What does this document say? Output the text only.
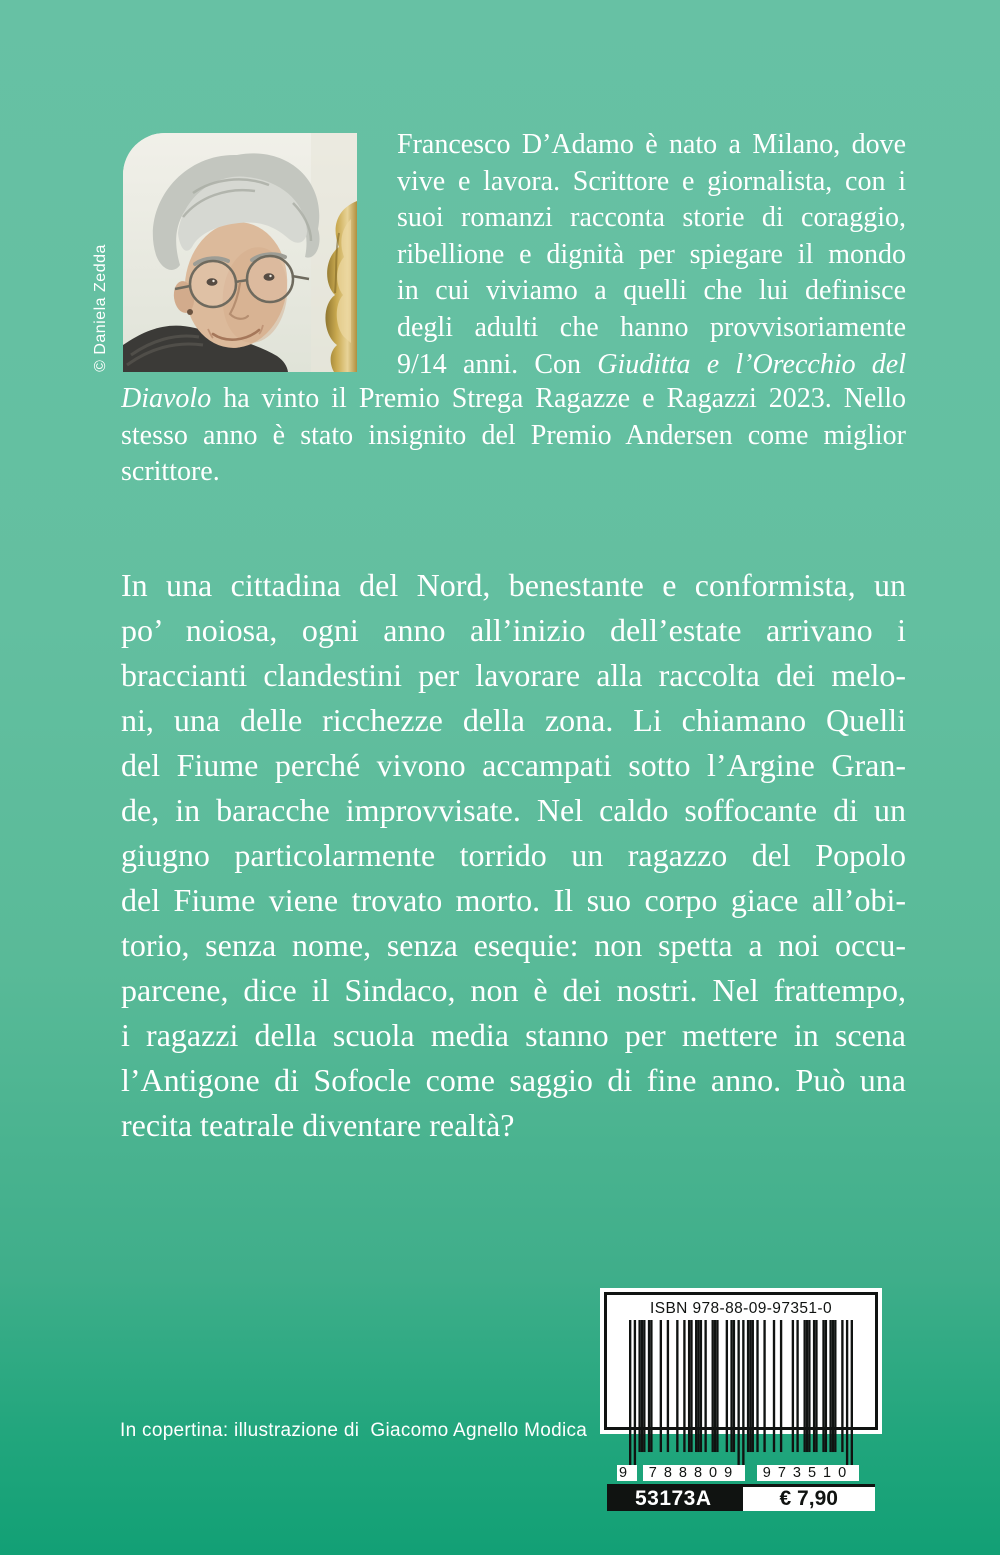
© Daniela Zedda
Francesco D’Adamo è nato a Milano, dove
vive e lavora. Scrittore e giornalista, con i
suoi romanzi racconta storie di coraggio,
ribellione e dignità per spiegare il mondo
in cui viviamo a quelli che lui definisce
degli adulti che hanno provvisoriamente
9/14 anni. Con Giuditta e l’Orecchio del
Diavolo ha vinto il Premio Strega Ragazze e Ragazzi 2023. Nello
stesso anno è stato insignito del Premio Andersen come miglior
scrittore.
In una cittadina del Nord, benestante e conformista, un
po’ noiosa, ogni anno all’inizio dell’estate arrivano i
braccianti clandestini per lavorare alla raccolta dei melo-
ni, una delle ricchezze della zona. Li chiamano Quelli
del Fiume perché vivono accampati sotto l’Argine Gran-
de, in baracche improvvisate. Nel caldo soffocante di un
giugno particolarmente torrido un ragazzo del Popolo
del Fiume viene trovato morto. Il suo corpo giace all’obi-
torio, senza nome, senza esequie: non spetta a noi occu-
parcene, dice il Sindaco, non è dei nostri. Nel frattempo,
i ragazzi della scuola media stanno per mettere in scena
l’Antigone di Sofocle come saggio di fine anno. Può una
recita teatrale diventare realtà?
ISBN 978-88-09-97351-0
9	788809	973510
53173A	€ 7,90
In copertina: illustrazione di  Giacomo Agnello Modica
